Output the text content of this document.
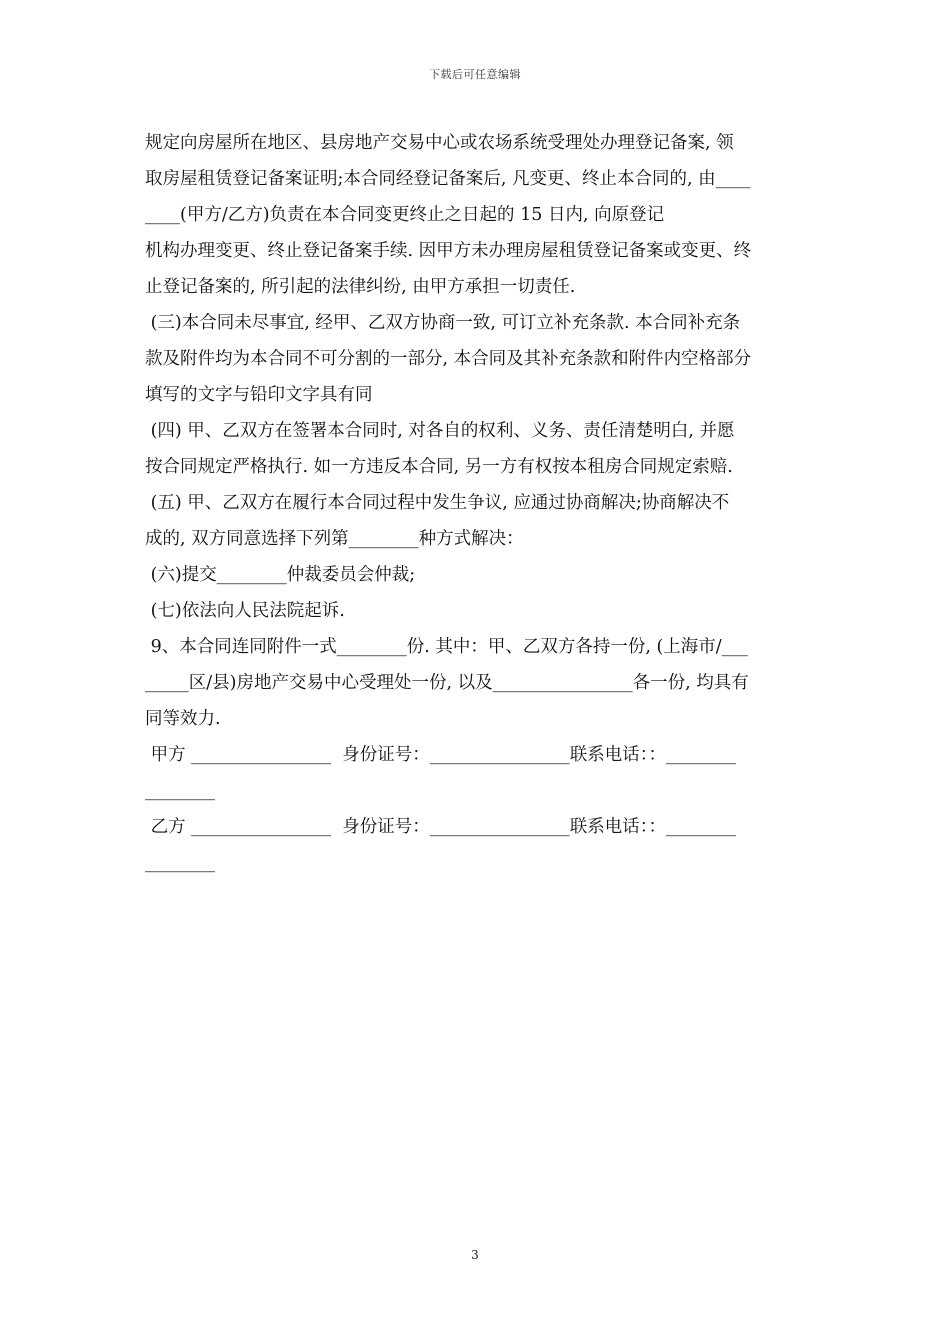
下载后可任意编辑
规定向房屋所在地区、县房地产交易中心或农场系统受理处办理登记备案, 领
取房屋租赁登记备案证明;本合同经登记备案后, 凡变更、终止本合同的, 由____
____(甲方/乙方)负责在本合同变更终止之日起的 15 日内, 向原登记
机构办理变更、终止登记备案手续. 因甲方未办理房屋租赁登记备案或变更、终
止登记备案的, 所引起的法律纠纷, 由甲方承担一切责任.
(三)本合同未尽事宜, 经甲、乙双方协商一致, 可订立补充条款. 本合同补充条
款及附件均为本合同不可分割的一部分, 本合同及其补充条款和附件内空格部分
填写的文字与铅印文字具有同
(四) 甲、乙双方在签署本合同时, 对各自的权利、义务、责任清楚明白, 并愿
按合同规定严格执行. 如一方违反本合同, 另一方有权按本租房合同规定索赔.
(五) 甲、乙双方在履行本合同过程中发生争议, 应通过协商解决;协商解决不
成的, 双方同意选择下列第________种方式解决：
(六)提交________仲裁委员会仲裁;
(七)依法向人民法院起诉.
9、本合同连同附件一式________份. 其中：甲、乙双方各持一份, (上海市/___
_____区/县)房地产交易中心受理处一份, 以及________________各一份, 均具有
同等效力.
甲方 ________________  身份证号：________________联系电话：：________
________
乙方 ________________  身份证号：________________联系电话：：________
________
3
